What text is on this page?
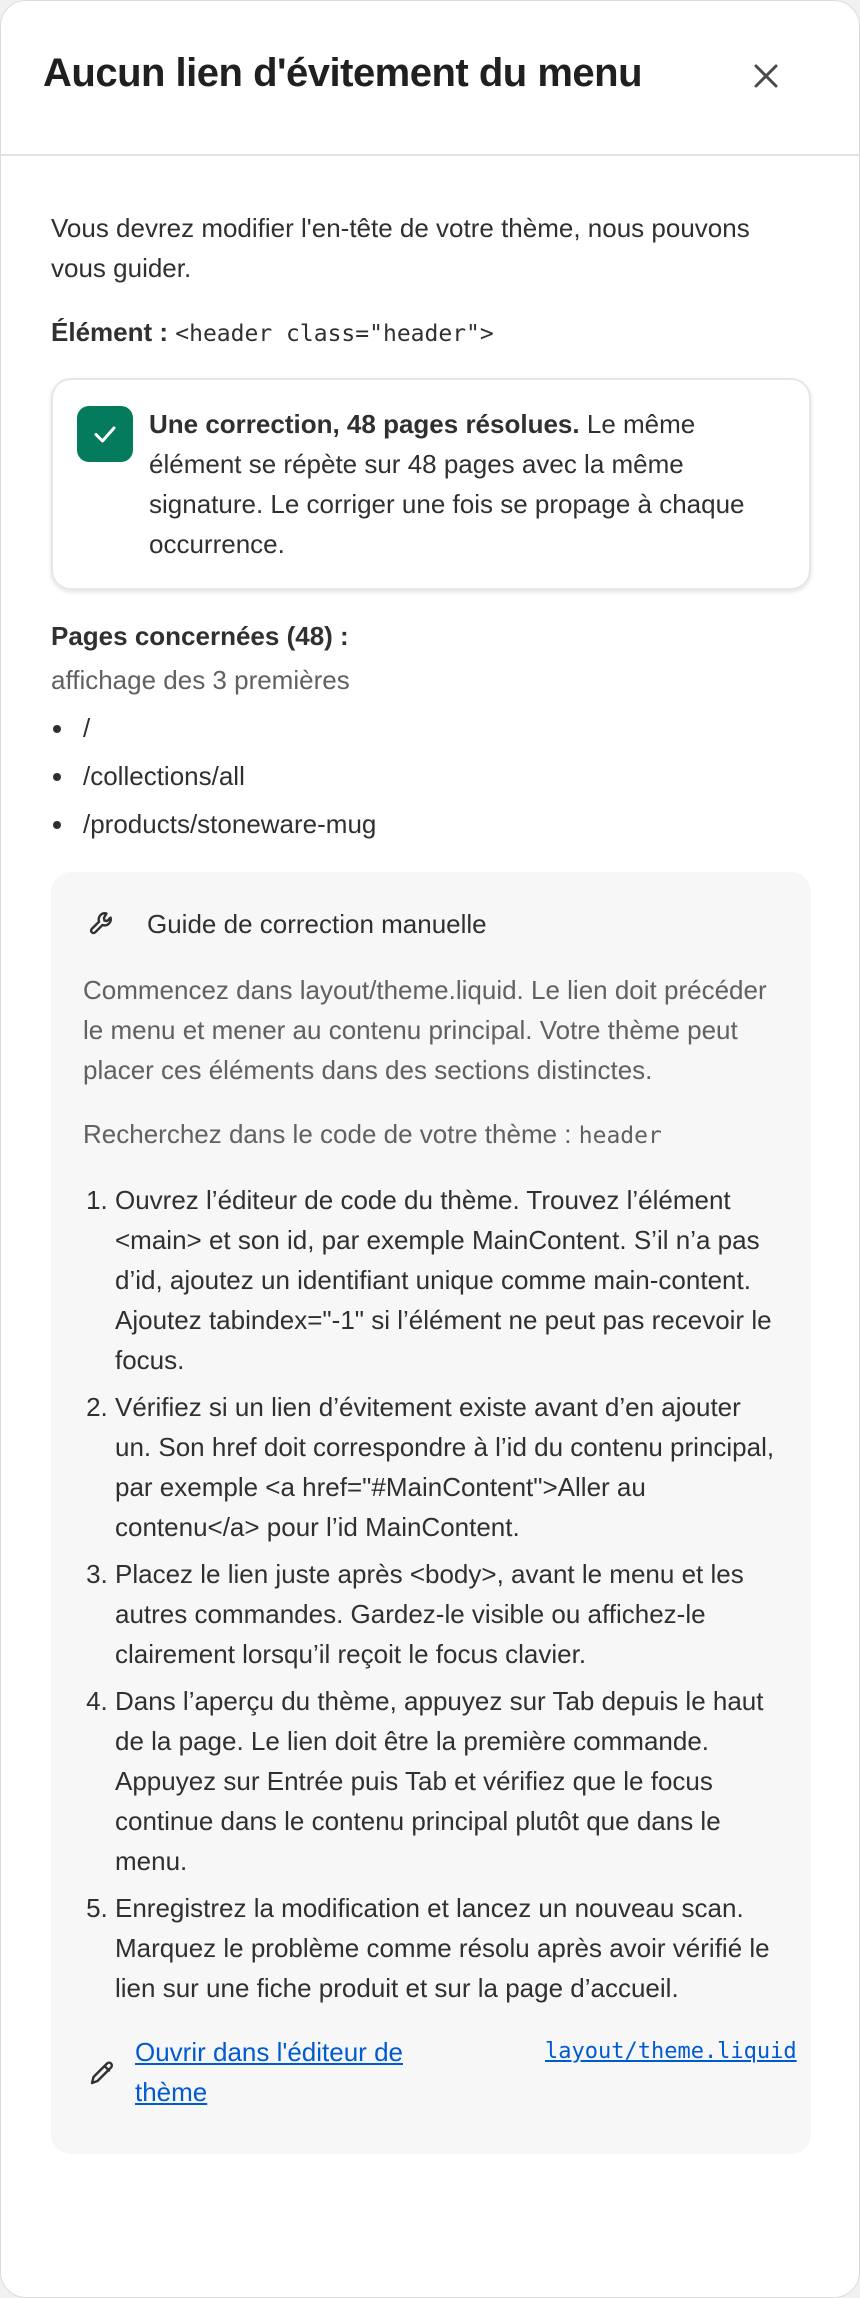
Aucun lien d'évitement du menu

Vous devrez modifier l'en-tête de votre thème, nous pouvons vous guider.

Élément : <header class="header">
Une correction, 48 pages résolues. Le même élément se répète sur 48 pages avec la même signature. Le corriger une fois se propage à chaque occurrence.
Pages concernées (48) :
affichage des 3 premières
/
/collections/all
/products/stoneware-mug
Guide de correction manuelle
Commencez dans layout/theme.liquid. Le lien doit précéder le menu et mener au contenu principal. Votre thème peut placer ces éléments dans des sections distinctes.
Recherchez dans le code de votre thème : header
1. Ouvrez l’éditeur de code du thème. Trouvez l’élément <main> et son id, par exemple MainContent. S’il n’a pas d’id, ajoutez un identifiant unique comme main-content. Ajoutez tabindex="-1" si l’élément ne peut pas recevoir le focus.
2. Vérifiez si un lien d’évitement existe avant d’en ajouter un. Son href doit correspondre à l’id du contenu principal, par exemple <a href="#MainContent">Aller au contenu</a> pour l’id MainContent.
3. Placez le lien juste après <body>, avant le menu et les autres commandes. Gardez-le visible ou affichez-le clairement lorsqu’il reçoit le focus clavier.
4. Dans l’aperçu du thème, appuyez sur Tab depuis le haut de la page. Le lien doit être la première commande. Appuyez sur Entrée puis Tab et vérifiez que le focus continue dans le contenu principal plutôt que dans le menu.
5. Enregistrez la modification et lancez un nouveau scan. Marquez le problème comme résolu après avoir vérifié le lien sur une fiche produit et sur la page d’accueil.
Ouvrir dans l'éditeur de thème
layout/theme.liquid
